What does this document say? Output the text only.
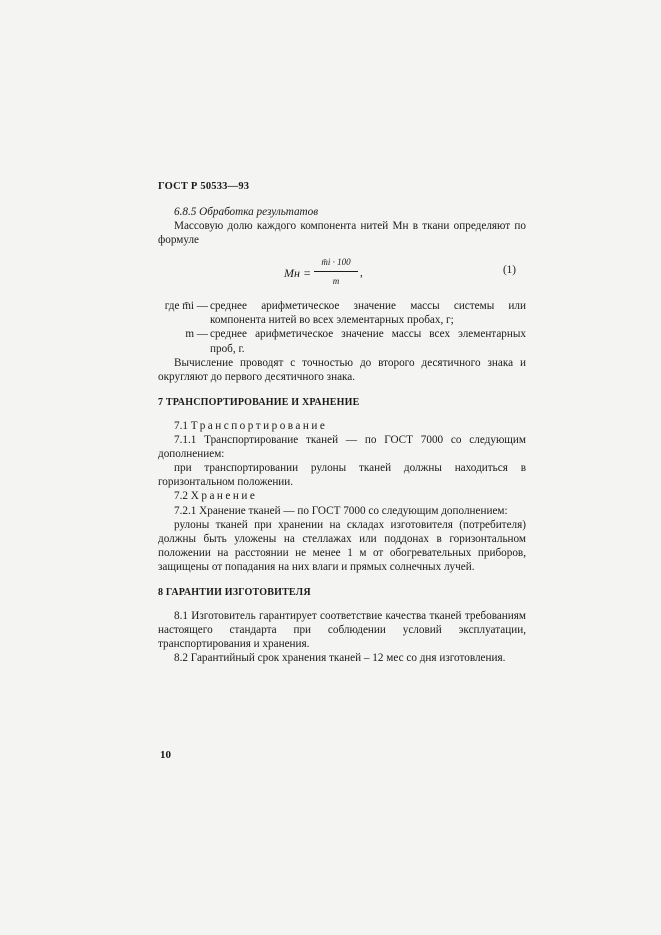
ГОСТ Р 50533—93

6.8.5 Обработка результатов

Массовую долю каждого компонента нитей Mн в ткани определяют по формуле

Mн = $\frac{m̄i \cdot 100}{m}$ ,	(1)
где m̄i — среднее арифметическое значение массы системы или компонента нитей во всех элементарных пробах, г;
m — среднее арифметическое значение массы всех элементарных проб, г.

Вычисление проводят с точностью до второго десятичного знака и округляют до первого десятичного знака.

7 ТРАНСПОРТИРОВАНИЕ И ХРАНЕНИЕ

7.1 Транспортирование

7.1.1 Транспортирование тканей — по ГОСТ 7000 со следующим дополнением:

при транспортировании рулоны тканей должны находиться в горизонтальном положении.

7.2 Хранение

7.2.1 Хранение тканей — по ГОСТ 7000 со следующим дополнением:

рулоны тканей при хранении на складах изготовителя (потребителя) должны быть уложены на стеллажах или поддонах в горизонтальном положении на расстоянии не менее 1 м от обогревательных приборов, защищены от попадания на них влаги и прямых солнечных лучей.

8 ГАРАНТИИ ИЗГОТОВИТЕЛЯ

8.1 Изготовитель гарантирует соответствие качества тканей требованиям настоящего стандарта при соблюдении условий эксплуатации, транспортирования и хранения.

8.2 Гарантийный срок хранения тканей – 12 мес со дня изготовления.

10
